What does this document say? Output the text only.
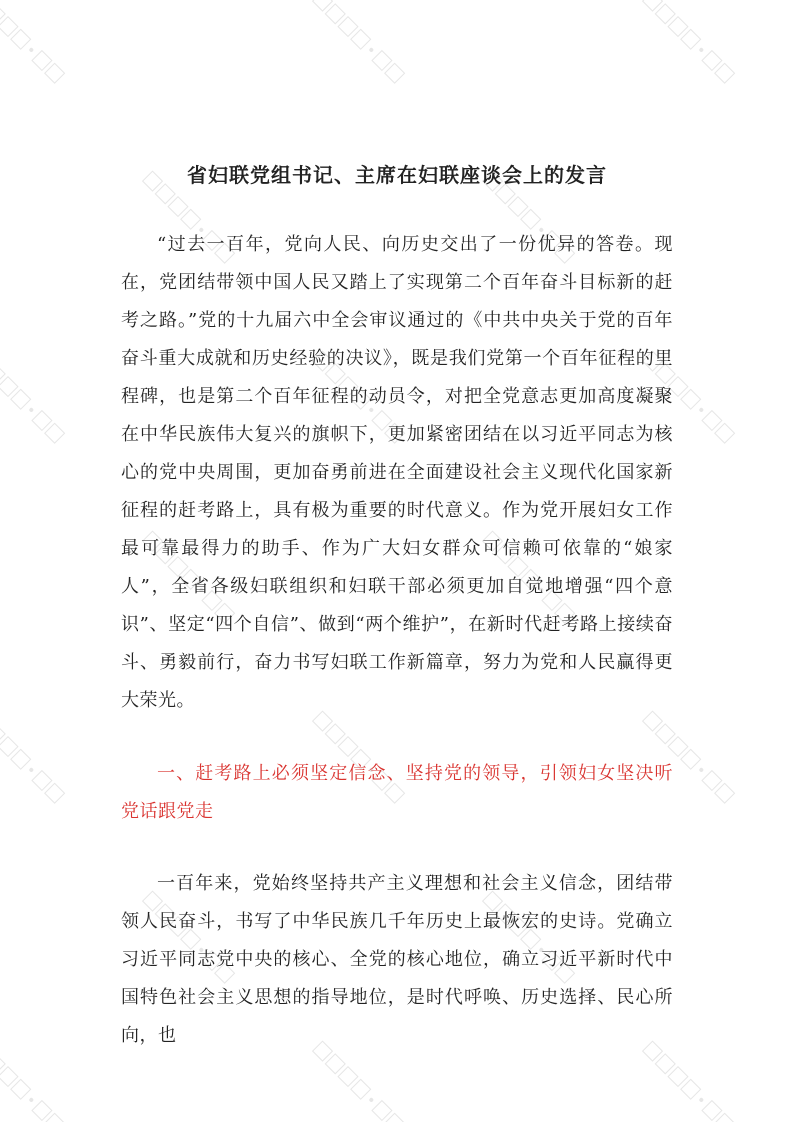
省妇联党组书记、主席在妇联座谈会上的发言

“过去一百年，党向人民、向历史交出了一份优异的答卷。现在，党团结带领中国人民又踏上了实现第二个百年奋斗目标新的赶考之路。”党的十九届六中全会审议通过的《中共中央关于党的百年奋斗重大成就和历史经验的决议》，既是我们党第一个百年征程的里程碑，也是第二个百年征程的动员令，对把全党意志更加高度凝聚在中华民族伟大复兴的旗帜下，更加紧密团结在以习近平同志为核心的党中央周围，更加奋勇前进在全面建设社会主义现代化国家新征程的赶考路上，具有极为重要的时代意义。作为党开展妇女工作最可靠最得力的助手、作为广大妇女群众可信赖可依靠的“娘家人”，全省各级妇联组织和妇联干部必须更加自觉地增强“四个意识”、坚定“四个自信”、做到“两个维护”，在新时代赶考路上接续奋斗、勇毅前行，奋力书写妇联工作新篇章，努力为党和人民赢得更大荣光。

一、赶考路上必须坚定信念、坚持党的领导，引领妇女坚决听党话跟党走

一百年来，党始终坚持共产主义理想和社会主义信念，团结带领人民奋斗，书写了中华民族几千年历史上最恢宏的史诗。党确立习近平同志党中央的核心、全党的核心地位，确立习近平新时代中国特色社会主义思想的指导地位，是时代呼唤、历史选择、民心所向，也
